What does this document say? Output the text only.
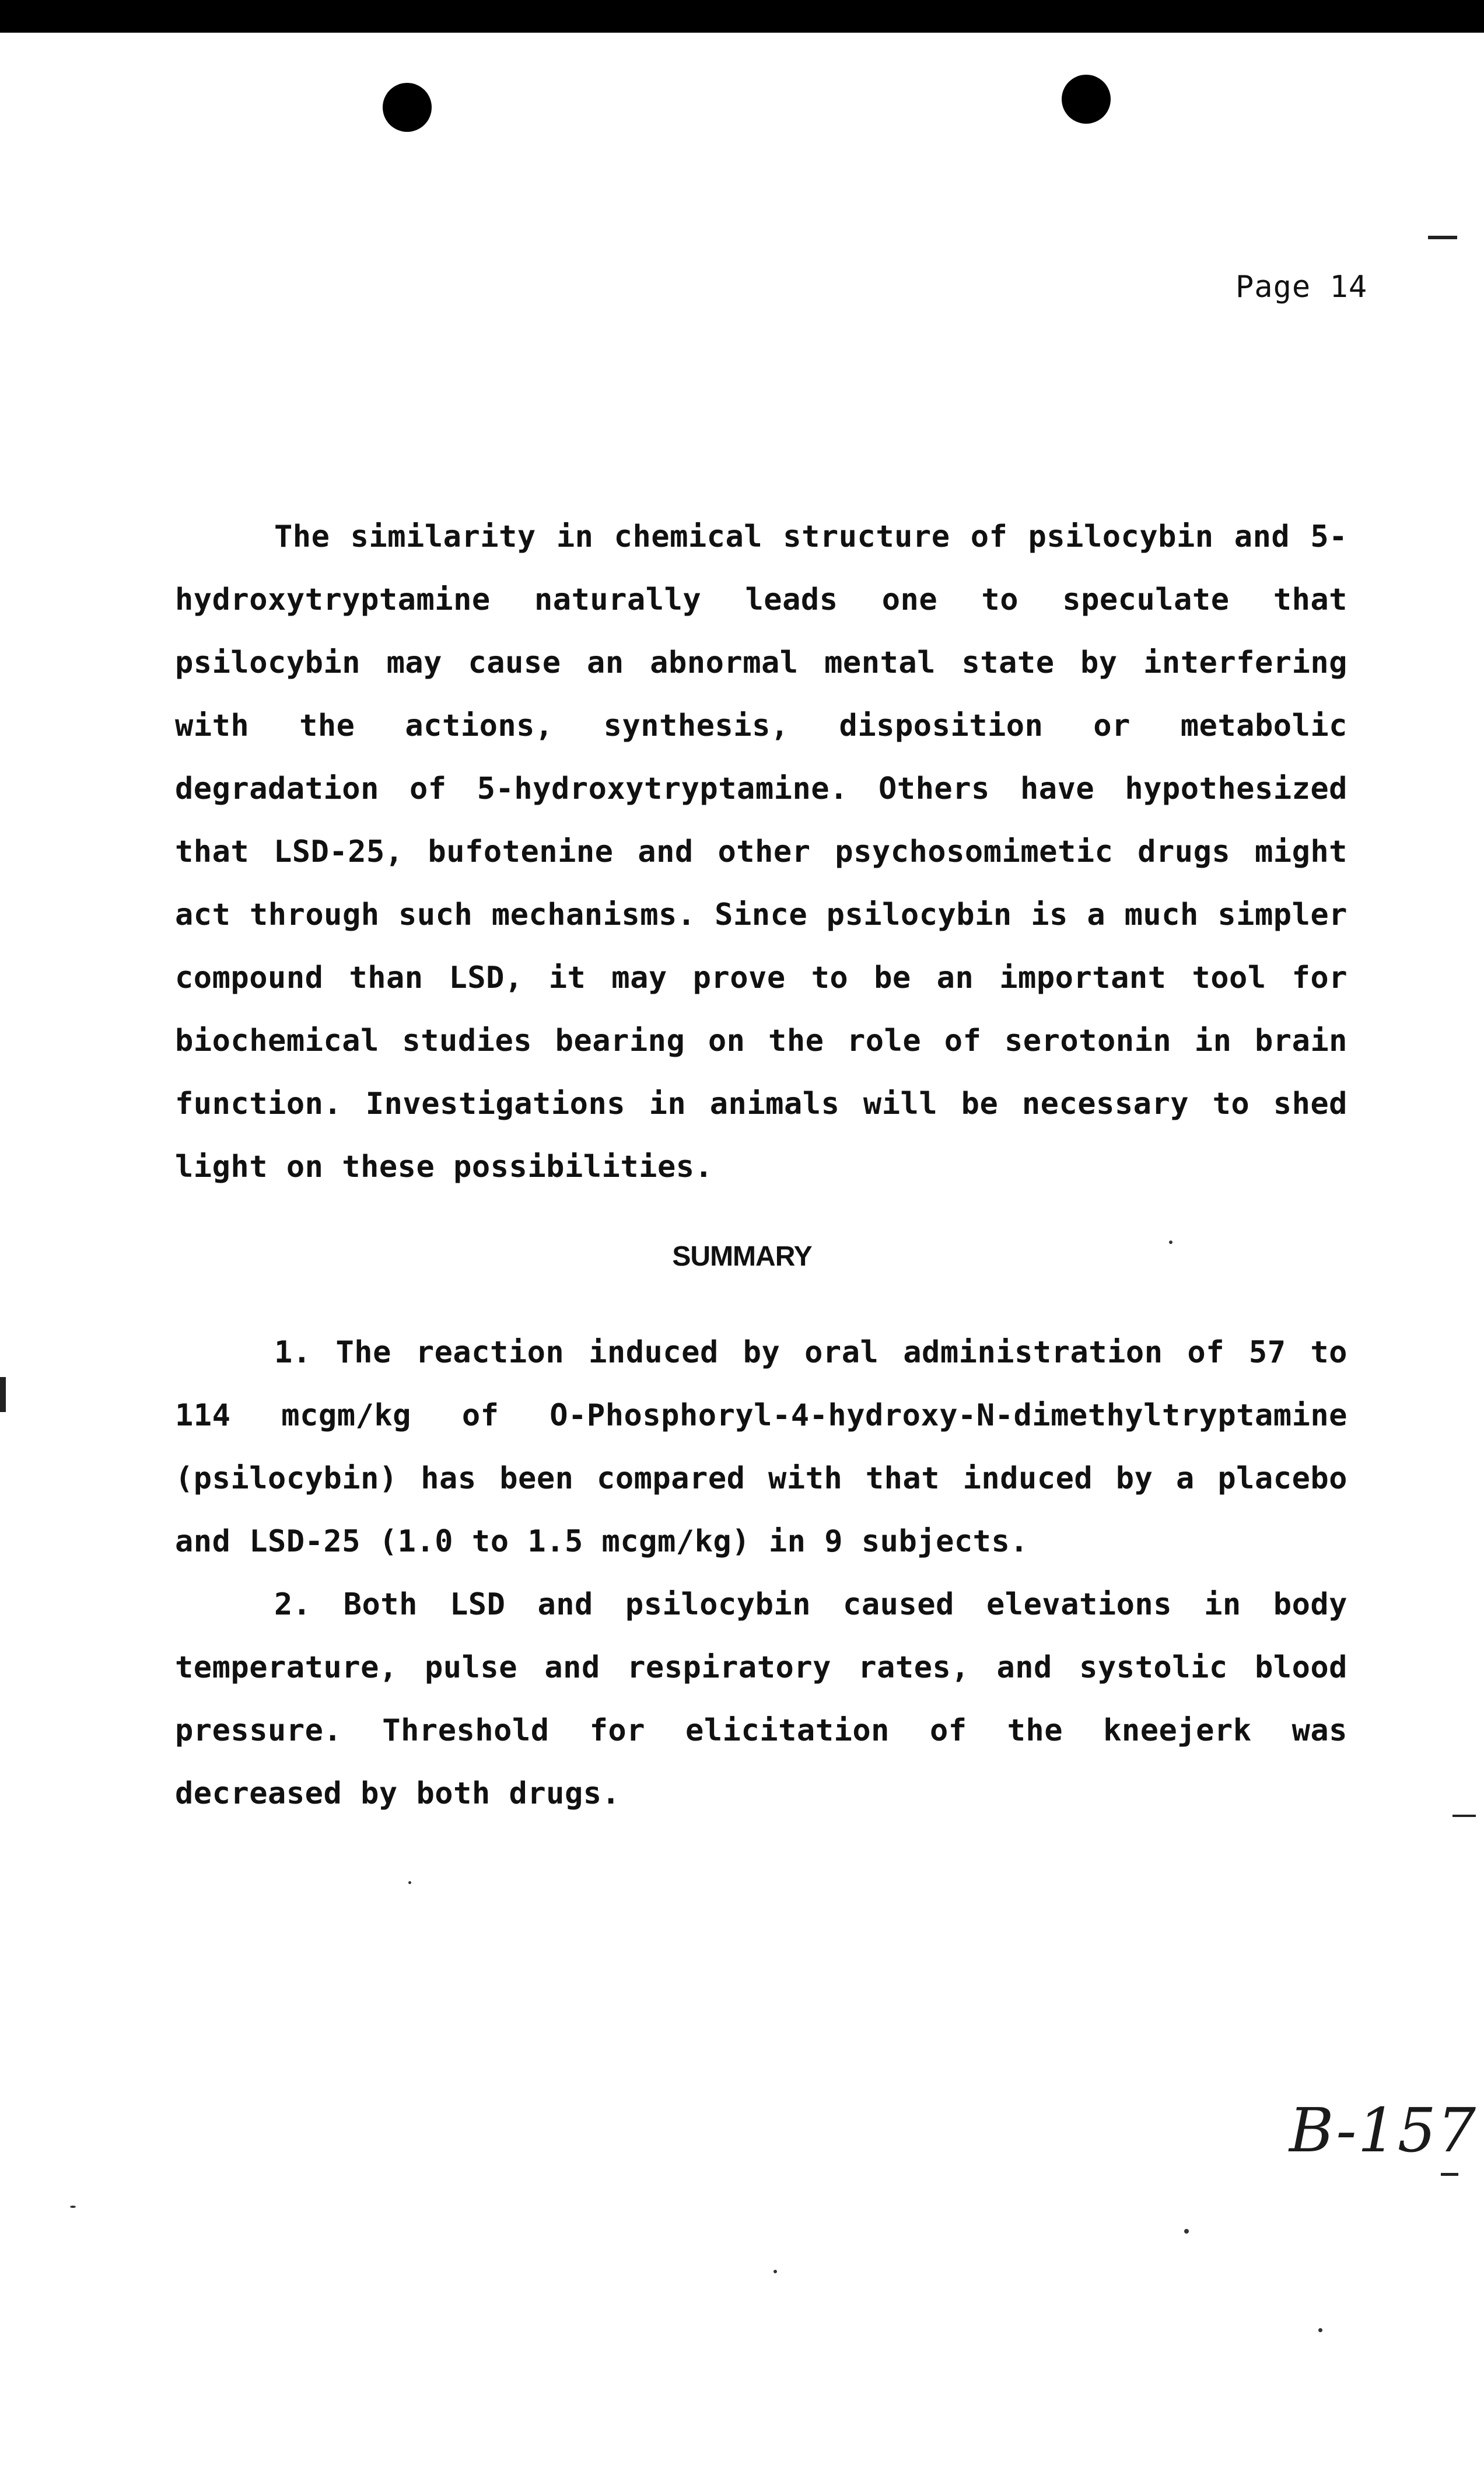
Page 14

The similarity in chemical structure of psilocybin and 5-hydroxytryptamine naturally leads one to speculate that psilocybin may cause an abnormal mental state by interfering with the actions, synthesis, disposition or metabolic degradation of 5-hydroxytryptamine. Others have hypothesized that LSD-25, bufotenine and other psychosomimetic drugs might act through such mechanisms. Since psilocybin is a much simpler compound than LSD, it may prove to be an important tool for biochemical studies bearing on the role of serotonin in brain function. Investigations in animals will be necessary to shed light on these possibilities.

SUMMARY

1. The reaction induced by oral administration of 57 to 114 mcgm/kg of O-Phosphoryl-4-hydroxy-N-dimethyltryptamine (psilocybin) has been compared with that induced by a placebo and LSD-25 (1.0 to 1.5 mcgm/kg) in 9 subjects.

2. Both LSD and psilocybin caused elevations in body temperature, pulse and respiratory rates, and systolic blood pressure. Threshold for elicitation of the kneejerk was decreased by both drugs.

B-157
